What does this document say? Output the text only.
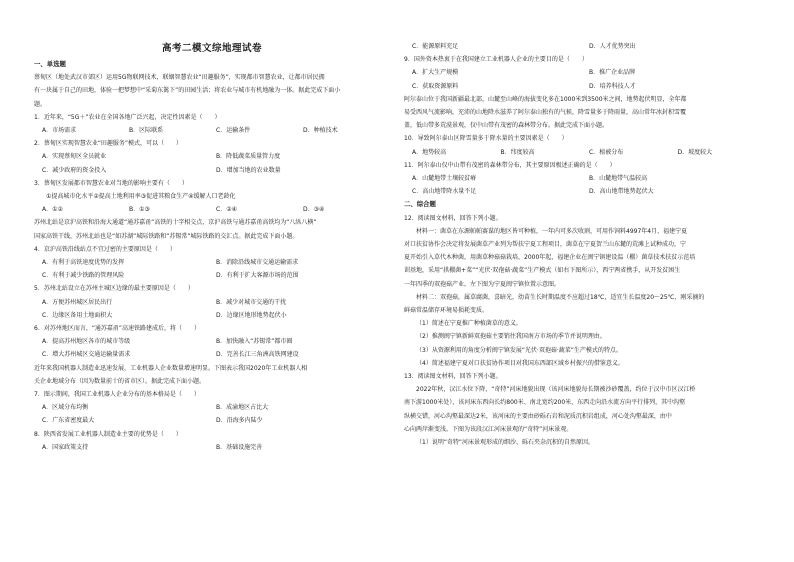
高考二模文综地理试卷
一、单选题
蔡甸区（地处武汉市郊区）运用5G物联网技术，联姻智慧农业“田趣服务”，实现都市智慧农业，让都市居民拥
有一块属于自己的田地，体验一把梦想中“采菊东篱下”的田园生活；将农业与城市有机地融为一体。据此完成下面小
题。
1．近年来，“5G＋”农业在全国各地广泛兴起，决定性因素是（　　）
A．市场需求	B．区际联系	C．运输条件	D．种植技术
2．蔡甸区实现智慧农业“田趣服务”模式，可以（　　）
A．实现蔡甸区全员就业	B．降低蔬菜质量管力度
C．减少政府的资金投入	D．增加当地的农业数量
3．蔡甸区发展都市智慧农业对当地的影响主要有（　　）
①提高城市化水平②提高土地利用率③促进其粮食生产④缓解人口老龄化
A．①②	B．①③	C．②④	D．③④
苏州北站是京沪高铁和沿海大通道“通苏嘉甬”高铁的十字相交点，京沪高铁与通苏嘉甬高铁均为“八纵八横”
国家高铁干线，苏州北站也是“如苏湖”城际铁路和“苏锡常”城际铁路的交汇点。据此完成下面小题。
4．京沪高铁沿线站点不宜过密的主要原因是（　　）
A．有利于高铁速度优势的发挥	B．消除沿线城市交通运输需求
C．有利于减少铁路的管理风险	D．有利于扩大客源市场的范围
5．苏州北站设立在苏州主城区边缘的最主要原因是（　　）
A．方便苏州城区居民出行	B．减少对城市交通的干扰
C．边缘区备用土地面积大	D．边缘区地形地势起伏小
6．对苏州地区而言，“通苏嘉甬”高速铁路建成后，将（　　）
A．提高苏州地区各市的城市等级	B．加快融入“苏锡常”都市圈
C．增大苏州城区交通运输量需求	D．完善长江三角洲高铁网建设
近年来我国机器人制造业迅速发展，工业机器人企业数量增速明显。下图表示我国2020年工业机器人相
关企业地域分布（因为数量前十的省市区）。据此完成下面小题。
7．图示期间，我国工业机器人企业分布的基本格局是（　　）
A．区域分布均衡	B．成渝地区占比大
C．广东省密度最大	D．沿海多内陆少
8．陕西省发展工业机器人制造业主要的优势是（　　）
A．国家政策支持	B．基础设施完善
C．能源原料充足	D．人才优势突出
9．国外资本热衷于在我国建立工业机器人企业的主要目的是（　　）
A．扩大生产规模	B．推广企业品牌
C．获取资源原料	D．培养科技人才
阿尔泰山位于我国新疆最北部，山麓至山峰的海拔变化多在1000米到3500米之间，地势起伏明显，全年都
易受西风气流影响，充沛的山地降水滋养了阿尔泰山独有的气候，降雪量多于降雨量，高山常年冰封积雪覆
盖，低山带多荒漠景观，仅中山带有茂密的森林带分布。据此完成下面小题。
10．导致阿尔泰山区降雪量多于降水量的主要因素是（　　）
A．地势较高	B．纬度较高	C．植被分布	D．坡度较大
11．阿尔泰山仅中山带有茂密的森林带分布，其主要原因极述正确的是（　　）
A．山麓地带土壤较贫瘠	B．山麓地带气温较高
C．高山地带降水量不足	D．高山地带地势起伏大
二、综合题
12．阅读图文材料，回答下列小题。
　　材料一：菌草在东源帕帕赛谋的地区皆可种植，一年内可多次收割，可用作饲料4997年4月，福建宁夏
对口扶贫协作会决定将发展菌草产业列为帮扶宁夏工程项目，菌草在宁夏贺兰山东麓的荒滩上试种成功，宁
夏开始引入草代木种菌，用菌草种菇菇栽培，2000年起，福建企业在闽宁镇建设温（棚）菌草技术扶贫示范培
训基地，采用“拱棚菌+菜”“光伏·双孢菇·蔬菜”生产模式（如右下图所示），西宁两省携手，从开发贫困生
一年四季的双孢菇产业。左下图为宁夏闽宁镇位置示意图。
　　材料二：双孢菇，属草腐菌，喜暗光，幼苗生长时期温度不应超过18℃，适宜生长温度20～25℃，刚采摘的
鲜菇常温储存环境易损耗变质。
（1）简述在宁夏推广种植菌草的意义。
（2）推测闽宁镇新鲜双孢菇主要销往我国南方市场的季节并说明理由。
（3）从资源利用的角度分析闽宁镇发展“光伏·双孢菇·蔬菜”生产模式的特点。
（4）简述福建宁夏对口扶贫协作项目对我国东西部区域乡村振兴的借鉴意义。
13．阅读图文材料，回答下列小题。
　　2022年秋，汉江水位下降，“奇特”河床地貌出现（该河床地貌每长期被沙砂覆盖，约位于汉中市区汉江桥
南下游1000米处），该河床东西向长约800米、南北宽约200米，东西走向沿水流方向平行排列，其中沟壑
纵横交错，河心沟壑最深达2米，该河床的主要由砂砾石岩和泥质沉积岩组成，河心处沟壑最深，由中
心向两岸渐变浅。下图为该段汉江河床景观的“奇特”河床景观。
（1）说明“奇特”河床景观形成的细沙、砾石夹杂沉积的自然原因。
